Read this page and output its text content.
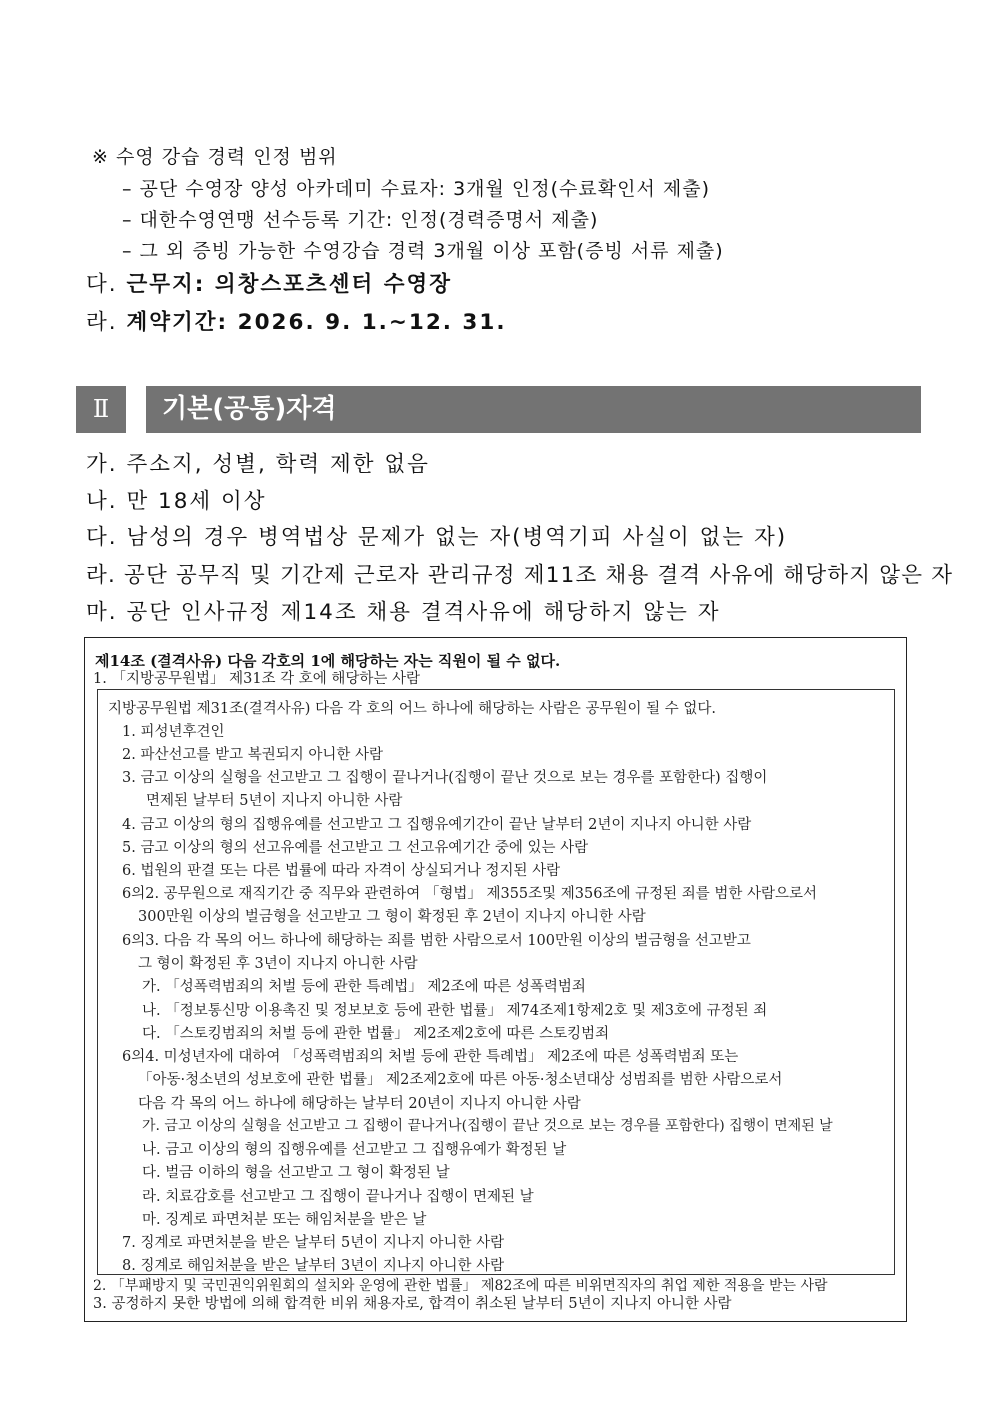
※ 수영 강습 경력 인정 범위
– 공단 수영장 양성 아카데미 수료자: 3개월 인정(수료확인서 제출)
– 대한수영연맹 선수등록 기간: 인정(경력증명서 제출)
– 그 외 증빙 가능한 수영강습 경력 3개월 이상 포함(증빙 서류 제출)
다. 근무지: 의창스포츠센터 수영장
라. 계약기간: 2026. 9. 1.~12. 31.
Ⅱ	기본(공통)자격
가. 주소지, 성별, 학력 제한 없음
나. 만 18세 이상
다. 남성의 경우 병역법상 문제가 없는 자(병역기피 사실이 없는 자)
라. 공단 공무직 및 기간제 근로자 관리규정 제11조 채용 결격 사유에 해당하지 않은 자
마. 공단 인사규정 제14조 채용 결격사유에 해당하지 않는 자
제14조 (결격사유) 다음 각호의 1에 해당하는 자는 직원이 될 수 없다.
1. 「지방공무원법」 제31조 각 호에 해당하는 사람
지방공무원법 제31조(결격사유) 다음 각 호의 어느 하나에 해당하는 사람은 공무원이 될 수 없다.
1. 피성년후견인
2. 파산선고를 받고 복권되지 아니한 사람
3. 금고 이상의 실형을 선고받고 그 집행이 끝나거나(집행이 끝난 것으로 보는 경우를 포함한다) 집행이
면제된 날부터 5년이 지나지 아니한 사람
4. 금고 이상의 형의 집행유예를 선고받고 그 집행유예기간이 끝난 날부터 2년이 지나지 아니한 사람
5. 금고 이상의 형의 선고유예를 선고받고 그 선고유예기간 중에 있는 사람
6. 법원의 판결 또는 다른 법률에 따라 자격이 상실되거나 정지된 사람
6의2. 공무원으로 재직기간 중 직무와 관련하여 「형법」 제355조및 제356조에 규정된 죄를 범한 사람으로서
300만원 이상의 벌금형을 선고받고 그 형이 확정된 후 2년이 지나지 아니한 사람
6의3. 다음 각 목의 어느 하나에 해당하는 죄를 범한 사람으로서 100만원 이상의 벌금형을 선고받고
그 형이 확정된 후 3년이 지나지 아니한 사람
가. 「성폭력범죄의 처벌 등에 관한 특례법」 제2조에 따른 성폭력범죄
나. 「정보통신망 이용촉진 및 정보보호 등에 관한 법률」 제74조제1항제2호 및 제3호에 규정된 죄
다. 「스토킹범죄의 처벌 등에 관한 법률」 제2조제2호에 따른 스토킹범죄
6의4. 미성년자에 대하여 「성폭력범죄의 처벌 등에 관한 특례법」 제2조에 따른 성폭력범죄 또는
「아동·청소년의 성보호에 관한 법률」 제2조제2호에 따른 아동·청소년대상 성범죄를 범한 사람으로서
다음 각 목의 어느 하나에 해당하는 날부터 20년이 지나지 아니한 사람
가. 금고 이상의 실형을 선고받고 그 집행이 끝나거나(집행이 끝난 것으로 보는 경우를 포함한다) 집행이 면제된 날
나. 금고 이상의 형의 집행유예를 선고받고 그 집행유예가 확정된 날
다. 벌금 이하의 형을 선고받고 그 형이 확정된 날
라. 치료감호를 선고받고 그 집행이 끝나거나 집행이 면제된 날
마. 징계로 파면처분 또는 해임처분을 받은 날
7. 징계로 파면처분을 받은 날부터 5년이 지나지 아니한 사람
8. 징계로 해임처분을 받은 날부터 3년이 지나지 아니한 사람
2. 「부패방지 및 국민권익위원회의 설치와 운영에 관한 법률」 제82조에 따른 비위면직자의 취업 제한 적용을 받는 사람
3. 공정하지 못한 방법에 의해 합격한 비위 채용자로, 합격이 취소된 날부터 5년이 지나지 아니한 사람
